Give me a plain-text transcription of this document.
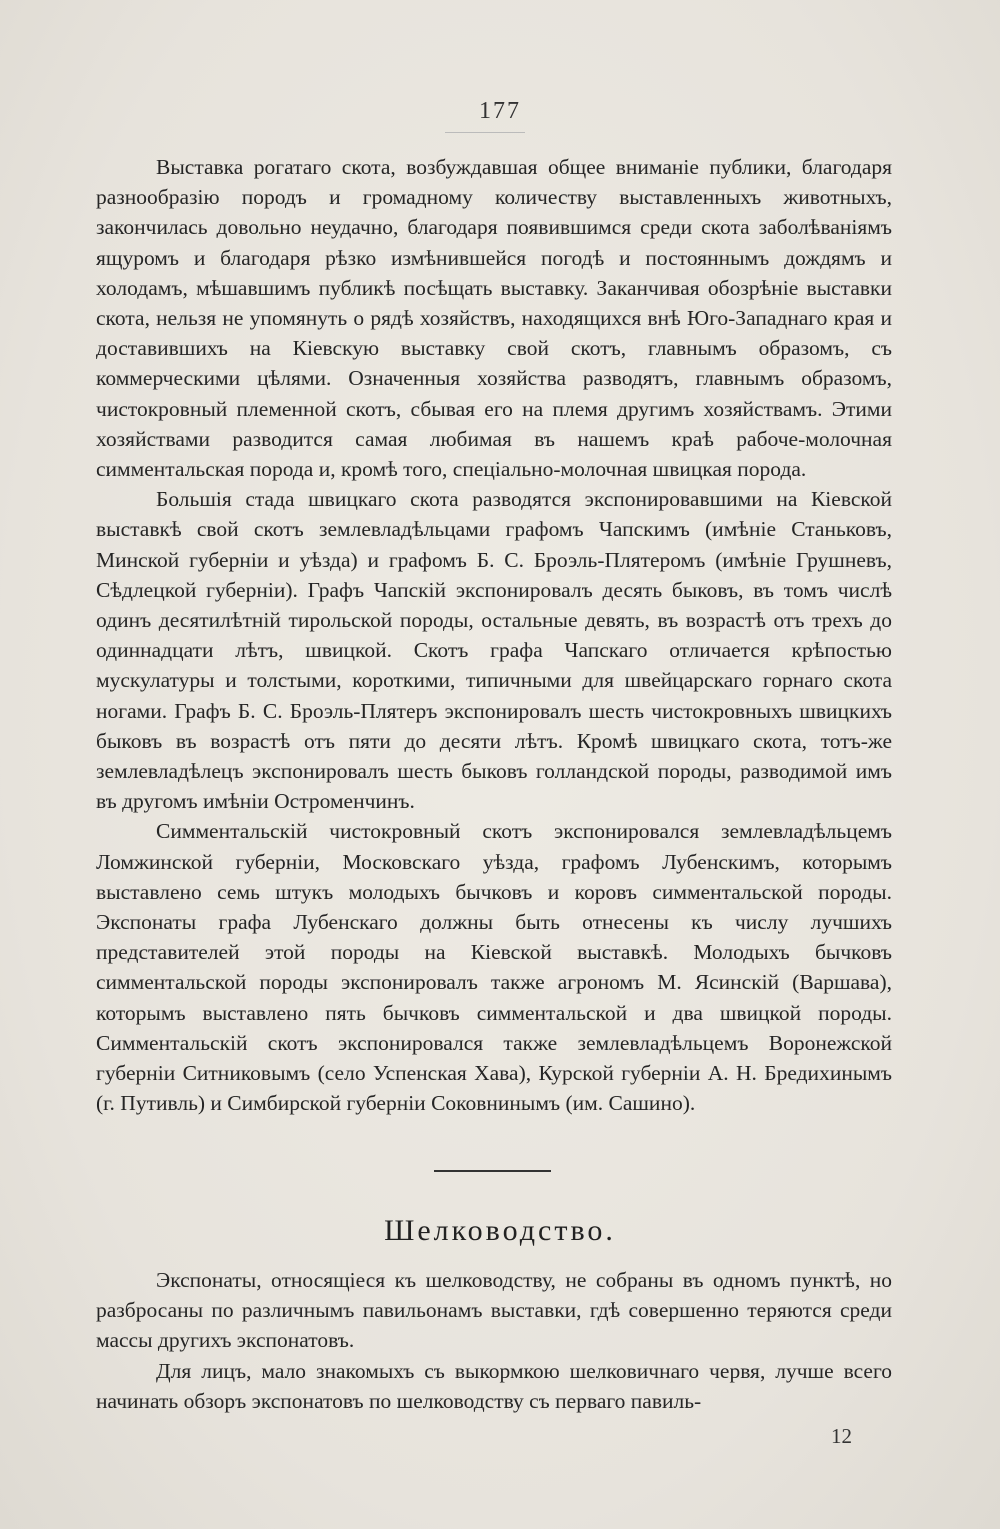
177

Выставка рогатаго скота, возбуждавшая общее вниманіе публики, благодаря разнообразію породъ и громадному количеству выставленныхъ животныхъ, закончилась довольно неудачно, благодаря появившимся среди скота заболѣваніямъ ящуромъ и благодаря рѣзко измѣнившейся погодѣ и постояннымъ дождямъ и холодамъ, мѣшавшимъ публикѣ посѣщать выставку. Заканчивая обозрѣніе выставки скота, нельзя не упомянуть о рядѣ хозяйствъ, находящихся внѣ Юго-Западнаго края и доставившихъ на Кіевскую выставку свой скотъ, главнымъ образомъ, съ коммерческими цѣлями. Означенныя хозяйства разводятъ, главнымъ образомъ, чистокровный племенной скотъ, сбывая его на племя другимъ хозяйствамъ. Этими хозяйствами разводится самая любимая въ нашемъ краѣ рабоче-молочная симментальская порода и, кромѣ того, спеціально-молочная швицкая порода.

Большія стада швицкаго скота разводятся экспонировавшими на Кіевской выставкѣ свой скотъ землевладѣльцами графомъ Чапскимъ (имѣніе Станьковъ, Минской губерніи и уѣзда) и графомъ Б. С. Броэль-Плятеромъ (имѣніе Грушневъ, Сѣдлецкой губерніи). Графъ Чапскій экспонировалъ десять быковъ, въ томъ числѣ одинъ десятилѣтній тирольской породы, остальные девять, въ возрастѣ отъ трехъ до одиннадцати лѣтъ, швицкой. Скотъ графа Чапскаго отличается крѣпостью мускулатуры и толстыми, короткими, типичными для швейцарскаго горнаго скота ногами. Графъ Б. С. Броэль-Плятеръ экспонировалъ шесть чистокровныхъ швицкихъ быковъ въ возрастѣ отъ пяти до десяти лѣтъ. Кромѣ швицкаго скота, тотъ-же землевладѣлецъ экспонировалъ шесть быковъ голландской породы, разводимой имъ въ другомъ имѣніи Остроменчинъ.

Симментальскій чистокровный скотъ экспонировался землевладѣльцемъ Ломжинской губерніи, Московскаго уѣзда, графомъ Лубенскимъ, которымъ выставлено семь штукъ молодыхъ бычковъ и коровъ симментальской породы. Экспонаты графа Лубенскаго должны быть отнесены къ числу лучшихъ представителей этой породы на Кіевской выставкѣ. Молодыхъ бычковъ симментальской породы экспонировалъ также агрономъ М. Ясинскій (Варшава), которымъ выставлено пять бычковъ симментальской и два швицкой породы. Симментальскій скотъ экспонировался также землевладѣльцемъ Воронежской губерніи Ситниковымъ (село Успенская Хава), Курской губерніи А. Н. Бредихинымъ (г. Путивль) и Симбирской губерніи Соковнинымъ (им. Сашино).

Шелководство.

Экспонаты, относящіеся къ шелководству, не собраны въ одномъ пунктѣ, но разбросаны по различнымъ павильонамъ выставки, гдѣ совершенно теряются среди массы другихъ экспонатовъ.

Для лицъ, мало знакомыхъ съ выкормкою шелковичнаго червя, лучше всего начинать обзоръ экспонатовъ по шелководству съ перваго павиль-

12
